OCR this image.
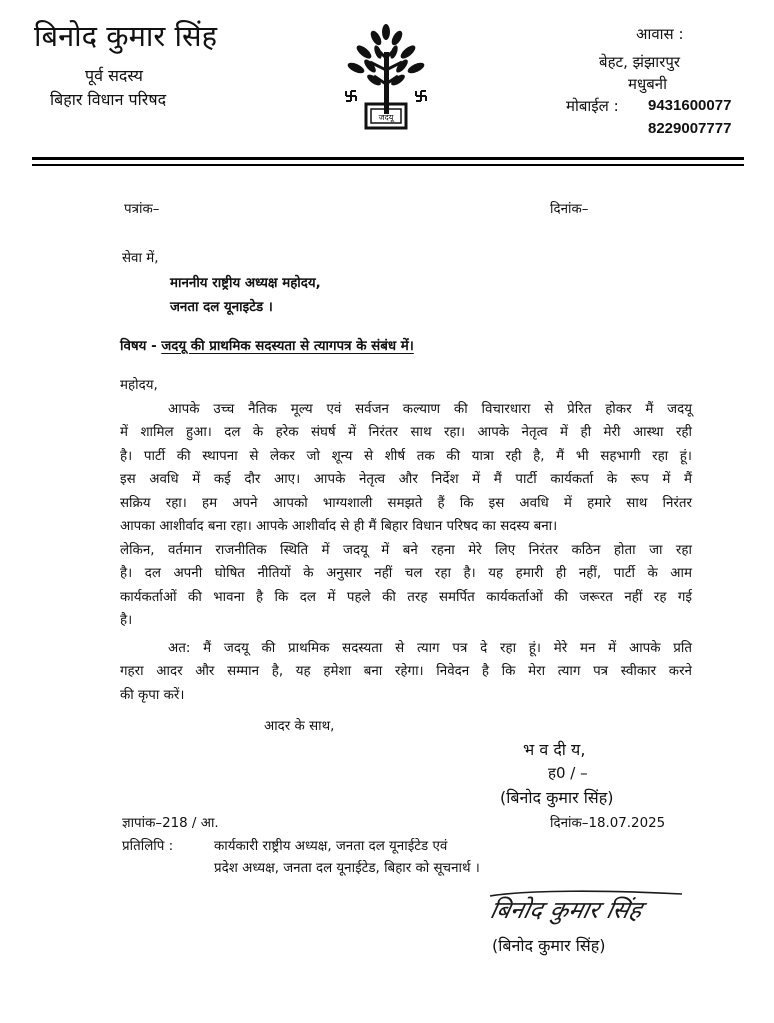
बिनोद कुमार सिंह
पूर्व सदस्य
बिहार विधान परिषद
जदयू
आवास :
बेहट, झंझारपुर
मधुबनी
मोबाईल : 9431600077
8229007777
पत्रांक–	दिनांक–
सेवा में,
माननीय राष्ट्रीय अध्यक्ष महोदय,
जनता दल यूनाइटेड ।
विषय - जदयू की प्राथमिक सदस्यता से त्यागपत्र के संबंध में।
महोदय,
आपके उच्च नैतिक मूल्य एवं सर्वजन कल्याण की विचारधारा से प्रेरित होकर मैं जदयू
में शामिल हुआ। दल के हरेक संघर्ष में निरंतर साथ रहा। आपके नेतृत्व में ही मेरी आस्था रही
है। पार्टी की स्थापना से लेकर जो शून्य से शीर्ष तक की यात्रा रही है, मैं भी सहभागी रहा हूं।
इस अवधि में कई दौर आए। आपके नेतृत्व और निर्देश में मैं पार्टी कार्यकर्ता के रूप में मैं
सक्रिय रहा। हम अपने आपको भाग्यशाली समझते हैं कि इस अवधि में हमारे साथ निरंतर
आपका आशीर्वाद बना रहा। आपके आशीर्वाद से ही मैं बिहार विधान परिषद का सदस्य बना।
लेकिन, वर्तमान राजनीतिक स्थिति में जदयू में बने रहना मेरे लिए निरंतर कठिन होता जा रहा
है। दल अपनी घोषित नीतियों के अनुसार नहीं चल रहा है। यह हमारी ही नहीं, पार्टी के आम
कार्यकर्ताओं की भावना है कि दल में पहले की तरह समर्पित कार्यकर्ताओं की जरूरत नहीं रह गई
है।
अत: मैं जदयू की प्राथमिक सदस्यता से त्याग पत्र दे रहा हूं। मेरे मन में आपके प्रति
गहरा आदर और सम्मान है, यह हमेशा बना रहेगा। निवेदन है कि मेरा त्याग पत्र स्वीकार करने
की कृपा करें।
आदर के साथ,
भ व दी य,
ह0 / –
(बिनोद कुमार सिंह)
ज्ञापांक–218 / आ.	दिनांक–18.07.2025
प्रतिलिपि :	कार्यकारी राष्ट्रीय अध्यक्ष, जनता दल यूनाईटेड एवं
प्रदेश अध्यक्ष, जनता दल यूनाईटेड, बिहार को सूचनार्थ ।
बिनोद कुमार सिंह
(बिनोद कुमार सिंह)
